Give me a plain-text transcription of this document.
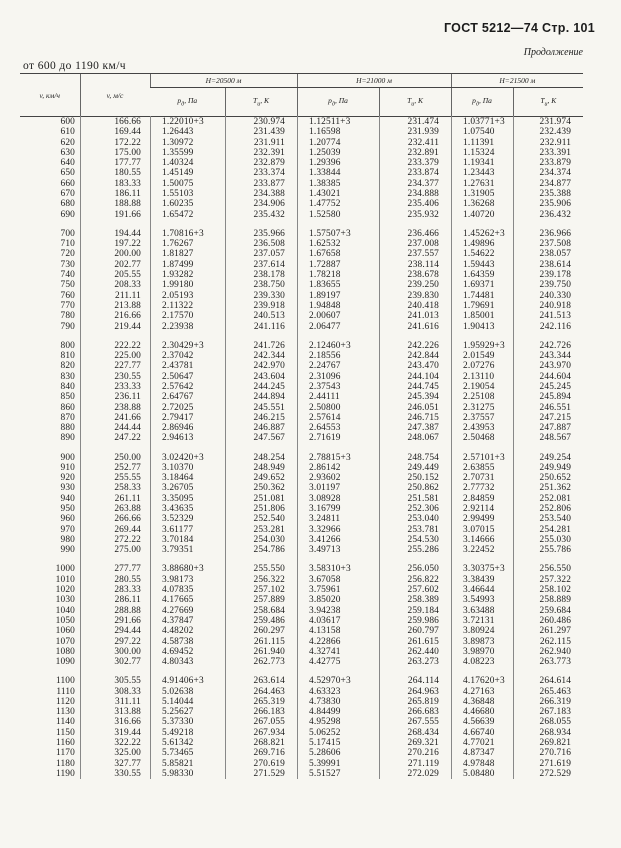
ГОСТ 5212—74 Стр. 101
Продолжение
от 600 до 1190 км/ч
v, км/ч	v, м/с	H=20500 м		H=21000 м		H=21500 м	
		$p_д$, Па	$T_и$, К	$p_д$, Па	$T_и$, К	$p_д$, Па	$T_и$, К
600	166.66	1.22010+3	230.974	1.12511+3	231.474	1.03771+3	231.974
610	169.44	1.26443	231.439	1.16598	231.939	1.07540	232.439
620	172.22	1.30972	231.911	1.20774	232.411	1.11391	232.911
630	175.00	1.35599	232.391	1.25039	232.891	1.15324	233.391
640	177.77	1.40324	232.879	1.29396	233.379	1.19341	233.879
650	180.55	1.45149	233.374	1.33844	233.874	1.23443	234.374
660	183.33	1.50075	233.877	1.38385	234.377	1.27631	234.877
670	186.11	1.55103	234.388	1.43021	234.888	1.31905	235.388
680	188.88	1.60235	234.906	1.47752	235.406	1.36268	235.906
690	191.66	1.65472	235.432	1.52580	235.932	1.40720	236.432

700	194.44	1.70816+3	235.966	1.57507+3	236.466	1.45262+3	236.966
710	197.22	1.76267	236.508	1.62532	237.008	1.49896	237.508
720	200.00	1.81827	237.057	1.67658	237.557	1.54622	238.057
730	202.77	1.87499	237.614	1.72887	238.114	1.59443	238.614
740	205.55	1.93282	238.178	1.78218	238.678	1.64359	239.178
750	208.33	1.99180	238.750	1.83655	239.250	1.69371	239.750
760	211.11	2.05193	239.330	1.89197	239.830	1.74481	240.330
770	213.88	2.11322	239.918	1.94848	240.418	1.79691	240.918
780	216.66	2.17570	240.513	2.00607	241.013	1.85001	241.513
790	219.44	2.23938	241.116	2.06477	241.616	1.90413	242.116

800	222.22	2.30429+3	241.726	2.12460+3	242.226	1.95929+3	242.726
810	225.00	2.37042	242.344	2.18556	242.844	2.01549	243.344
820	227.77	2.43781	242.970	2.24767	243.470	2.07276	243.970
830	230.55	2.50647	243.604	2.31096	244.104	2.13110	244.604
840	233.33	2.57642	244.245	2.37543	244.745	2.19054	245.245
850	236.11	2.64767	244.894	2.44111	245.394	2.25108	245.894
860	238.88	2.72025	245.551	2.50800	246.051	2.31275	246.551
870	241.66	2.79417	246.215	2.57614	246.715	2.37557	247.215
880	244.44	2.86946	246.887	2.64553	247.387	2.43953	247.887
890	247.22	2.94613	247.567	2.71619	248.067	2.50468	248.567

900	250.00	3.02420+3	248.254	2.78815+3	248.754	2.57101+3	249.254
910	252.77	3.10370	248.949	2.86142	249.449	2.63855	249.949
920	255.55	3.18464	249.652	2.93602	250.152	2.70731	250.652
930	258.33	3.26705	250.362	3.01197	250.862	2.77732	251.362
940	261.11	3.35095	251.081	3.08928	251.581	2.84859	252.081
950	263.88	3.43635	251.806	3.16799	252.306	2.92114	252.806
960	266.66	3.52329	252.540	3.24811	253.040	2.99499	253.540
970	269.44	3.61177	253.281	3.32966	253.781	3.07015	254.281
980	272.22	3.70184	254.030	3.41266	254.530	3.14666	255.030
990	275.00	3.79351	254.786	3.49713	255.286	3.22452	255.786

1000	277.77	3.88680+3	255.550	3.58310+3	256.050	3.30375+3	256.550
1010	280.55	3.98173	256.322	3.67058	256.822	3.38439	257.322
1020	283.33	4.07835	257.102	3.75961	257.602	3.46644	258.102
1030	286.11	4.17665	257.889	3.85020	258.389	3.54993	258.889
1040	288.88	4.27669	258.684	3.94238	259.184	3.63488	259.684
1050	291.66	4.37847	259.486	4.03617	259.986	3.72131	260.486
1060	294.44	4.48202	260.297	4.13158	260.797	3.80924	261.297
1070	297.22	4.58738	261.115	4.22866	261.615	3.89873	262.115
1080	300.00	4.69452	261.940	4.32741	262.440	3.98970	262.940
1090	302.77	4.80343	262.773	4.42775	263.273	4.08223	263.773

1100	305.55	4.91406+3	263.614	4.52970+3	264.114	4.17620+3	264.614
1110	308.33	5.02638	264.463	4.63323	264.963	4.27163	265.463
1120	311.11	5.14044	265.319	4.73830	265.819	4.36848	266.319
1130	313.88	5.25627	266.183	4.84499	266.683	4.46680	267.183
1140	316.66	5.37330	267.055	4.95298	267.555	4.56639	268.055
1150	319.44	5.49218	267.934	5.06252	268.434	4.66740	268.934
1160	322.22	5.61342	268.821	5.17415	269.321	4.77021	269.821
1170	325.00	5.73465	269.716	5.28606	270.216	4.87347	270.716
1180	327.77	5.85821	270.619	5.39991	271.119	4.97848	271.619
1190	330.55	5.98330	271.529	5.51527	272.029	5.08480	272.529
